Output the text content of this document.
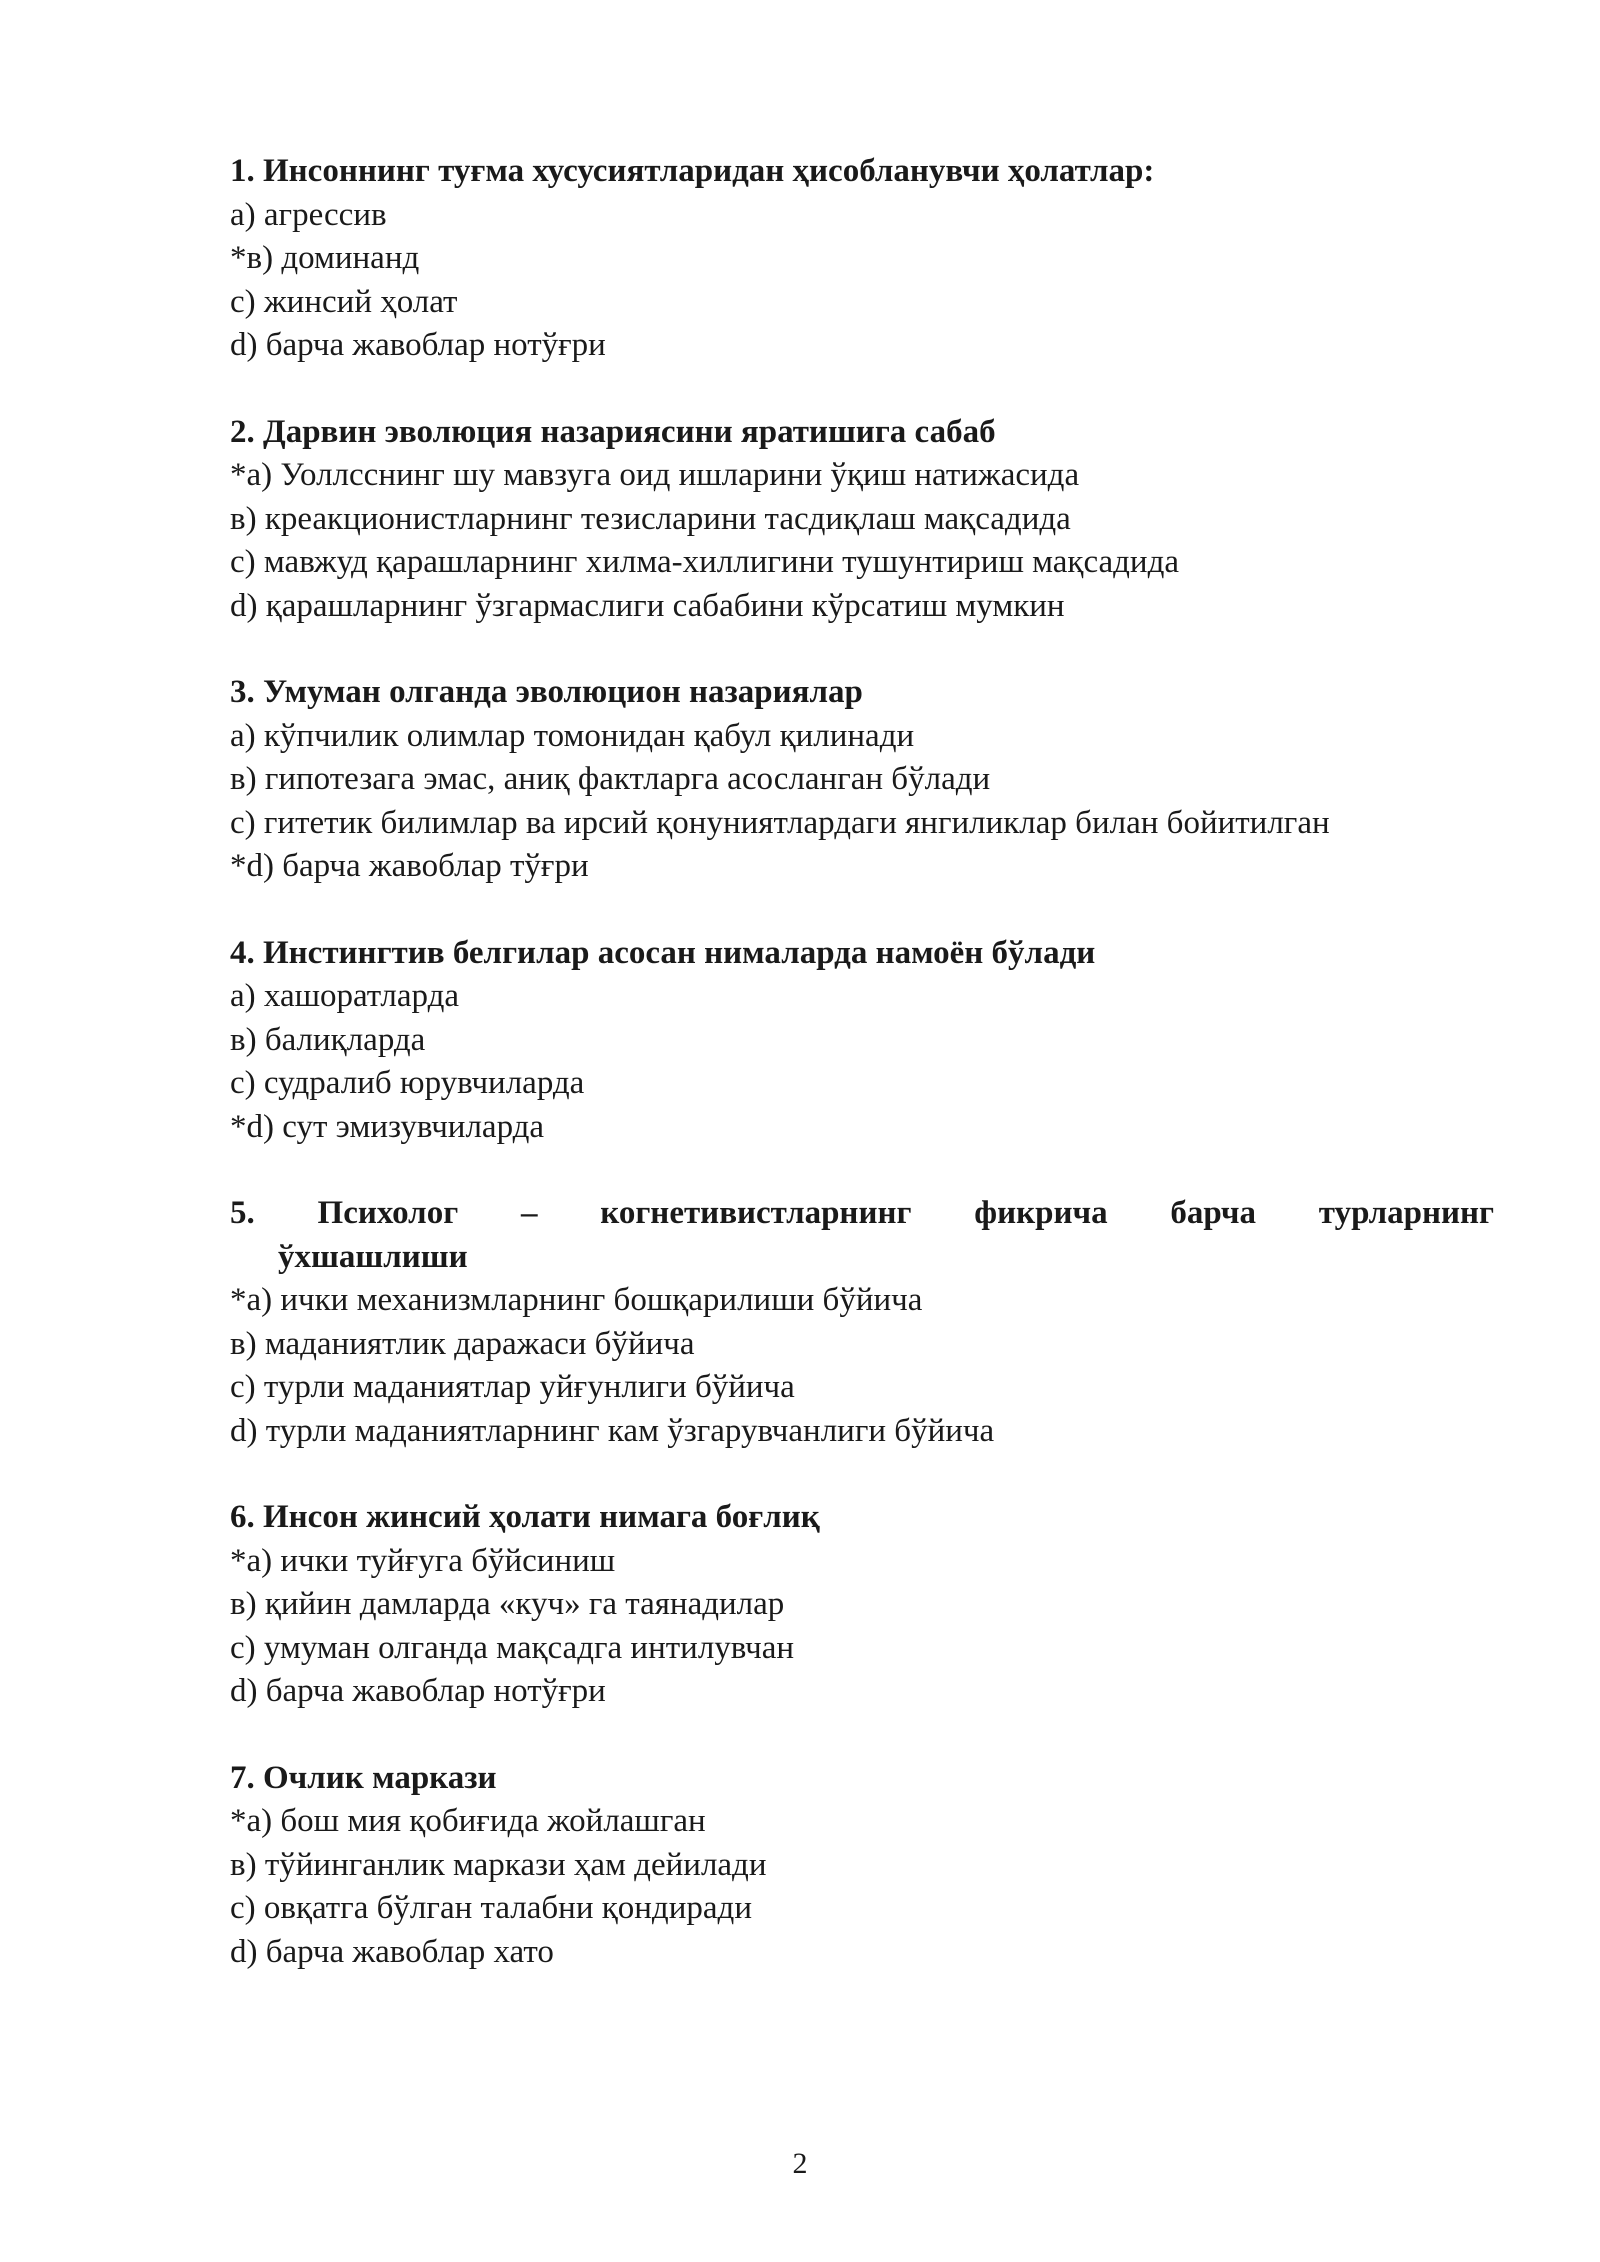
1. Инсоннинг туғма хусусиятларидан ҳисобланувчи ҳолатлар:

а) агрессив

*в) доминанд

с) жинсий ҳолат

d) барча жавоблар нотўғри

2. Дарвин эволюция назариясини яратишига сабаб

*а) Уоллсснинг шу мавзуга оид ишларини ўқиш натижасида

в) креакционистларнинг тезисларини тасдиқлаш мақсадида

с) мавжуд қарашларнинг хилма-хиллигини тушунтириш мақсадида

d) қарашларнинг ўзгармаслиги сабабини кўрсатиш мумкин

3. Умуман олганда эволюцион назариялар

а) кўпчилик олимлар томонидан қабул қилинади

в) гипотезага эмас, аниқ фактларга асосланган бўлади

с) гитетик билимлар ва ирсий қонуниятлардаги янгиликлар билан бойитилган

*d) барча жавоблар тўғри

4. Инстингтив белгилар асосан нималарда намоён бўлади

а) хашоратларда

в) балиқларда

с) судралиб юрувчиларда

*d) сут эмизувчиларда

5. Психолог – когнетивистларнинг фикрича барча турларнинг

ўхшашлиши

*а) ички механизмларнинг бошқарилиши бўйича

в) маданиятлик даражаси бўйича

с) турли маданиятлар уйғунлиги бўйича

d) турли маданиятларнинг кам ўзгарувчанлиги бўйича

6. Инсон жинсий ҳолати нимага боғлиқ

*а) ички туйғуга бўйсиниш

в) қийин дамларда «куч» га таянадилар

с) умуман олганда мақсадга интилувчан

d) барча жавоблар нотўғри

7. Очлик маркази

*а) бош мия қобиғида жойлашган

в) тўйинганлик маркази ҳам дейилади

с) овқатга бўлган талабни қондиради

d) барча жавоблар хато

2
